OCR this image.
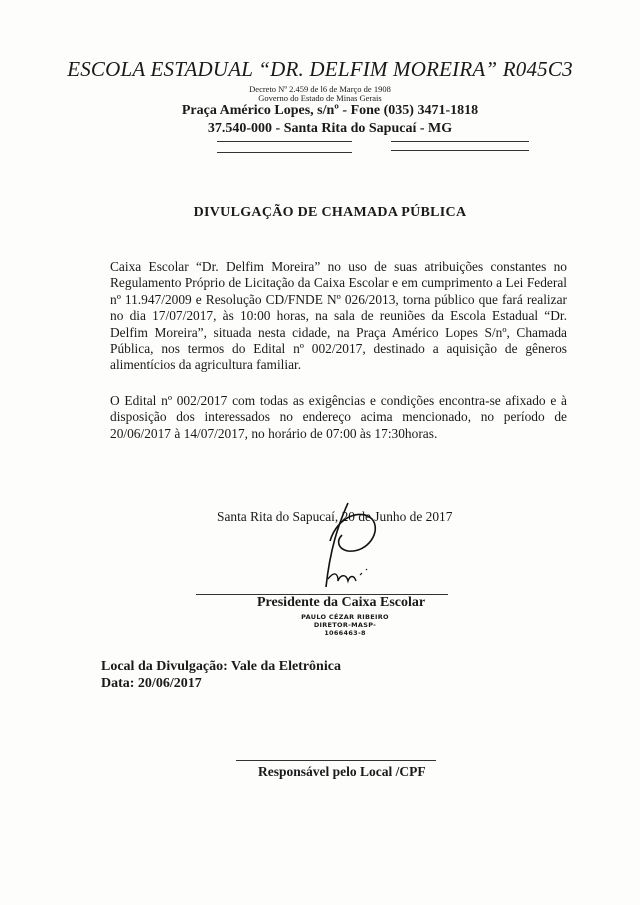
ESCOLA ESTADUAL “DR. DELFIM MOREIRA” R045C3
Decreto Nº 2.459 de l6 de Março de 1908
Governo do Estado de Minas Gerais
Praça Américo Lopes, s/nº - Fone (035) 3471-1818
37.540-000 - Santa Rita do Sapucaí - MG
DIVULGAÇÃO DE CHAMADA PÚBLICA
Caixa Escolar “Dr. Delfim Moreira” no uso de suas atribuições constantes no Regulamento Próprio de Licitação da Caixa Escolar e em cumprimento a Lei Federal nº 11.947/2009 e Resolução CD/FNDE Nº 026/2013, torna público que fará realizar no dia 17/07/2017, às 10:00 horas, na sala de reuniões da Escola Estadual “Dr. Delfim Moreira”, situada nesta cidade, na Praça Américo Lopes S/nº, Chamada Pública, nos termos do Edital nº 002/2017, destinado a aquisição de gêneros alimentícios da agricultura familiar.
O Edital nº 002/2017 com todas as exigências e condições encontra-se afixado e à disposição dos interessados no endereço acima mencionado, no período de 20/06/2017 à 14/07/2017, no horário de 07:00 às 17:30horas.
Santa Rita do Sapucaí, 20 de Junho de 2017
Presidente da Caixa Escolar
PAULO CÉZAR RIBEIRO
DIRETOR-MASP-1066463-8
Local da Divulgação: Vale da Eletrônica
Data: 20/06/2017
Responsável pelo Local /CPF
